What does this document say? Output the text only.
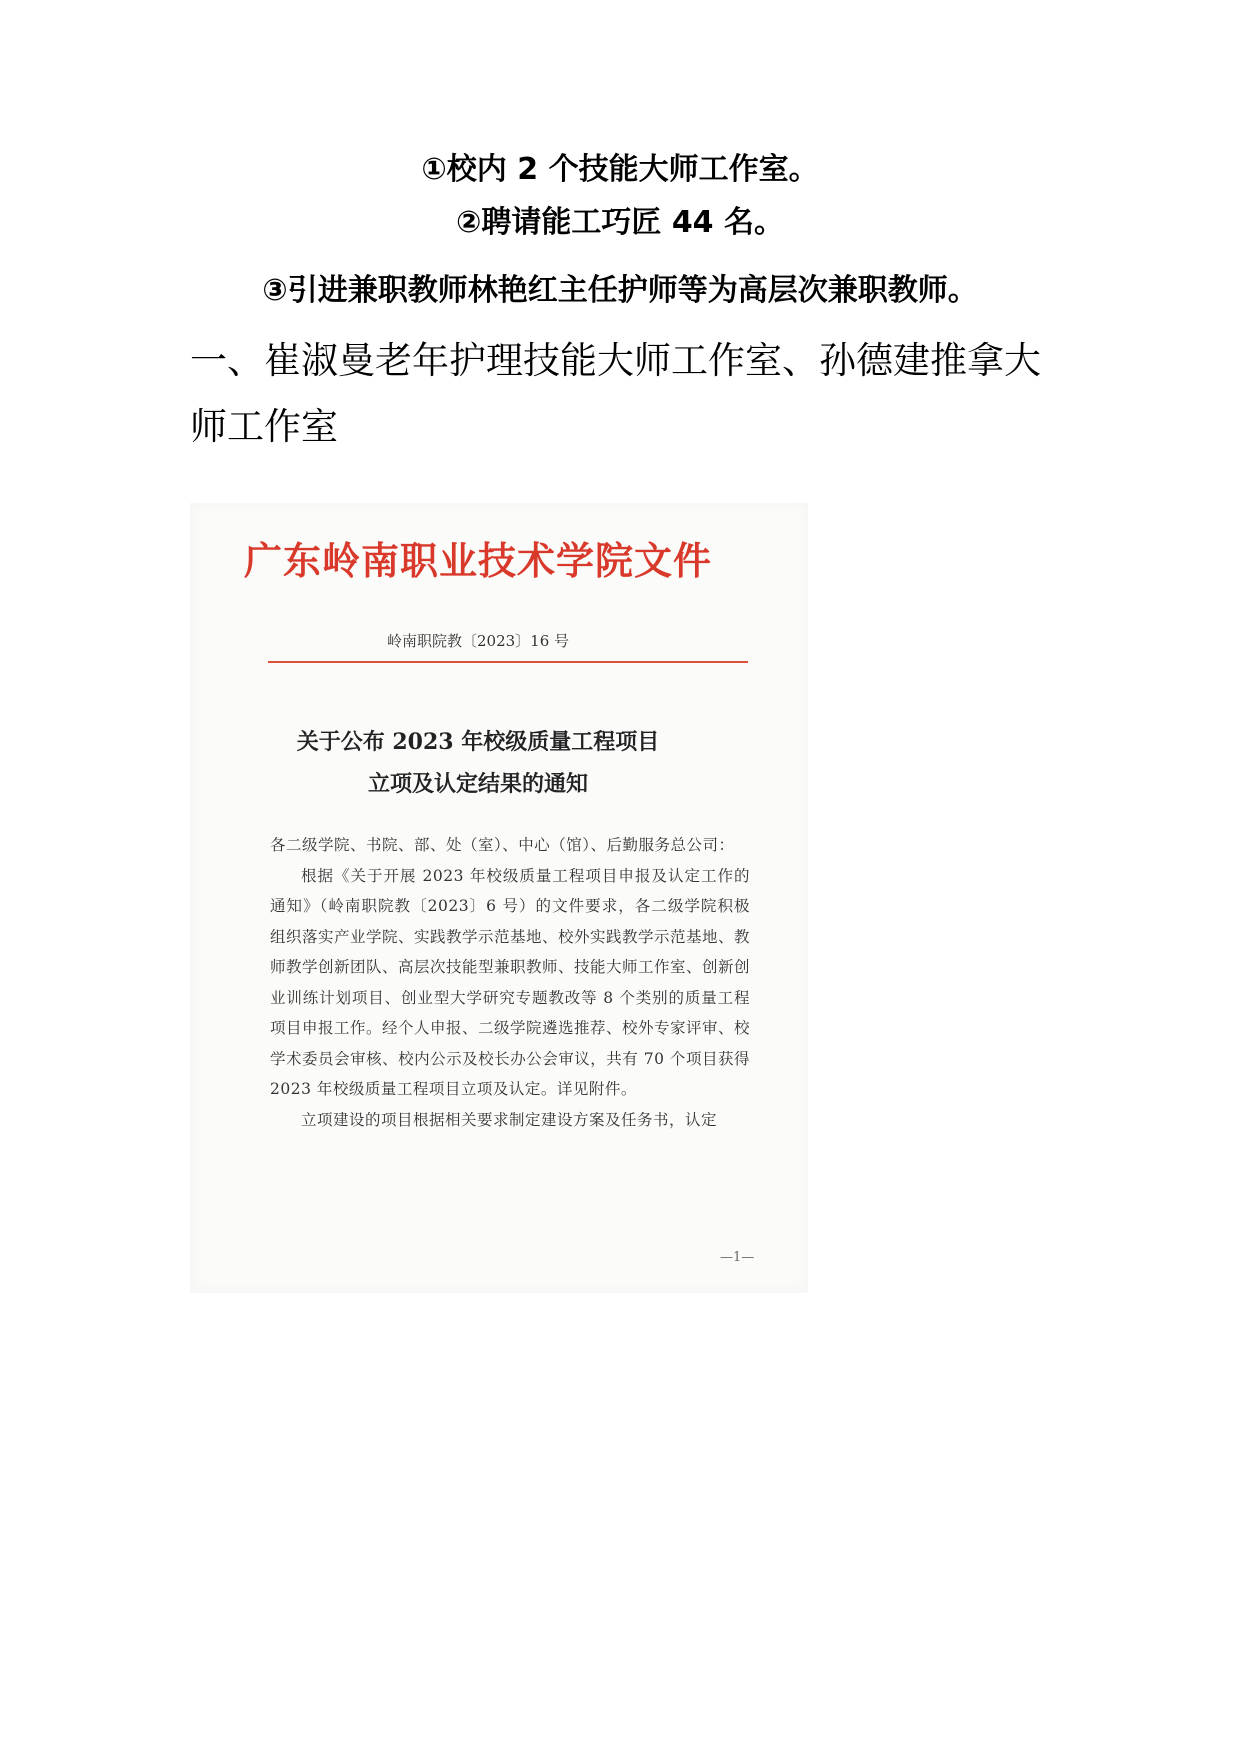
①校内 2 个技能大师工作室。

②聘请能工巧匠 44 名。

③引进兼职教师林艳红主任护师等为高层次兼职教师。

一、崔淑曼老年护理技能大师工作室、孙德建推拿大师工作室
广东岭南职业技术学院文件
岭南职院教〔2023〕16 号
关于公布 2023 年校级质量工程项目
立项及认定结果的通知

各二级学院、书院、部、处（室）、中心（馆）、后勤服务总公司：

根据《关于开展 2023 年校级质量工程项目申报及认定工作的通知》（岭南职院教〔2023〕6 号）的文件要求，各二级学院积极组织落实产业学院、实践教学示范基地、校外实践教学示范基地、教师教学创新团队、高层次技能型兼职教师、技能大师工作室、创新创业训练计划项目、创业型大学研究专题教改等 8 个类别的质量工程项目申报工作。经个人申报、二级学院遴选推荐、校外专家评审、校学术委员会审核、校内公示及校长办公会审议，共有 70 个项目获得 2023 年校级质量工程项目立项及认定。详见附件。

立项建设的项目根据相关要求制定建设方案及任务书，认定

—1—
